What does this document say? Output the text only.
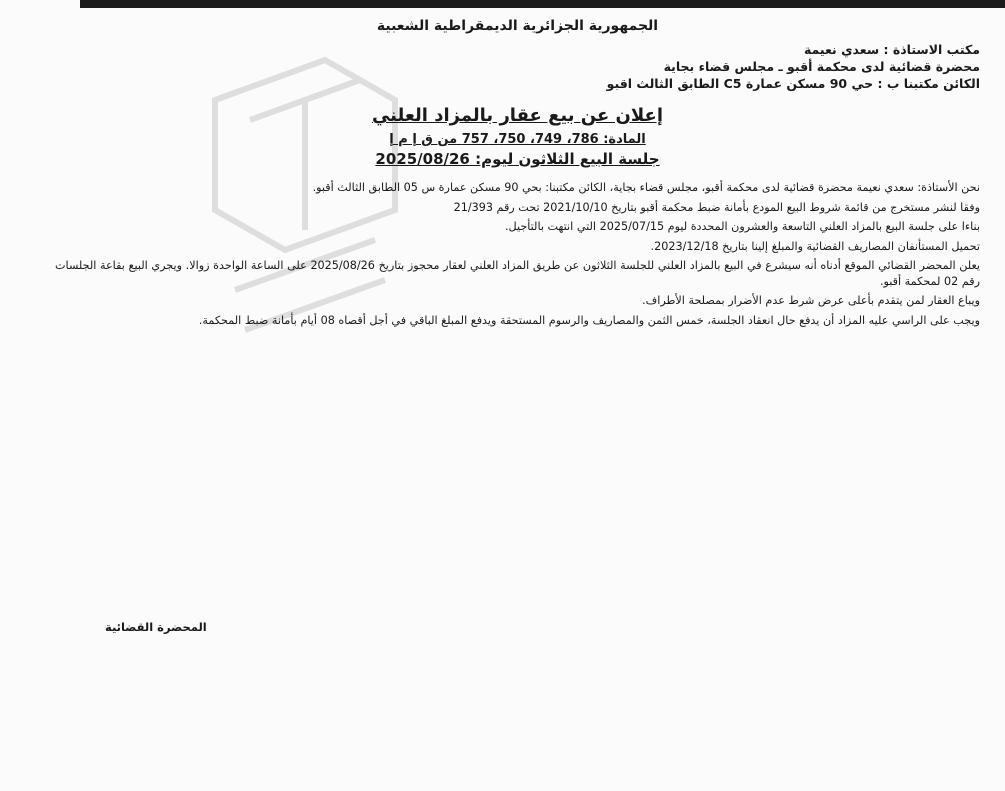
الجمهورية الجزائرية الديمقراطية الشعبية
مكتب الاستاذة : سعدي نعيمة
محضرة قضائية لدى محكمة أقبو ـ مجلس قضاء بجاية
الكائن مكتبنا ب : حي 90 مسكن عمارة C5 الطابق الثالث اقبو
إعلان عن بيع عقار بالمزاد العلني
المادة: 786، 749، 750، 757 من ق إ م إ
جلسة البيع الثلاثون ليوم: 2025/08/26

نحن الأستاذة: سعدي نعيمة محضرة قضائية لدى محكمة أقبو، مجلس قضاء بجاية، الكائن مكتبنا: بحي 90 مسكن عمارة س 05 الطابق الثالث أقبو.

وفقا لنشر مستخرج من قائمة شروط البيع المودع بأمانة ضبط محكمة أقبو بتاريخ 2021/10/10 تحت رقم 21/393

بناءا على جلسة البيع بالمزاد العلني التاسعة والعشرون المحددة ليوم 2025/07/15 التي انتهت بالتأجيل.

تحميل المستأنفان المصاريف القضائية والمبلغ إلينا بتاريخ 2023/12/18.

يعلن المحضر القضائي الموقع أدناه أنه سيشرع في البيع بالمزاد العلني للجلسة الثلاثون عن طريق المزاد العلني لعقار محجوز بتاريخ 2025/08/26 على الساعة الواحدة زوالا. ويجري البيع بقاعة الجلسات رقم 02 لمحكمة أقبو.

ويباع العقار لمن يتقدم بأعلى عرض شرط عدم الأضرار بمصلحة الأطراف.

ويجب على الراسي عليه المزاد أن يدفع حال انعقاد الجلسة، خمس الثمن والمصاريف والرسوم المستحقة ويدفع المبلغ الباقي في أجل أقصاه 08 أيام بأمانة ضبط المحكمة.

المحضرة القضائية
